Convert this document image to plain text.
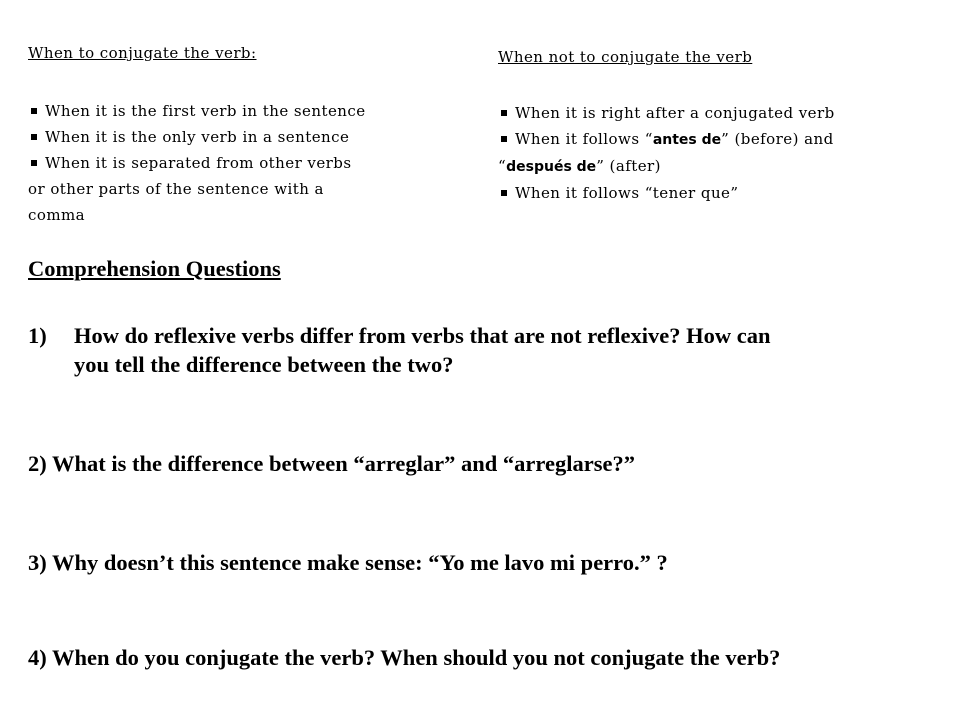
When to conjugate the verb:
When it is the first verb in the sentence
When it is the only verb in a sentence
When it is separated from other verbs
or other parts of the sentence with a
comma
When not to conjugate the verb
When it is right after a conjugated verb
When it follows “antes de” (before) and
“después de” (after)
When it follows “tener que”
Comprehension Questions

1)	How do reflexive verbs differ from verbs that are not reflexive? How can
you tell the difference between the two?

2) What is the difference between “arreglar” and “arreglarse?”

3) Why doesn’t this sentence make sense: “Yo me lavo mi perro.” ?

4) When do you conjugate the verb? When should you not conjugate the verb?
